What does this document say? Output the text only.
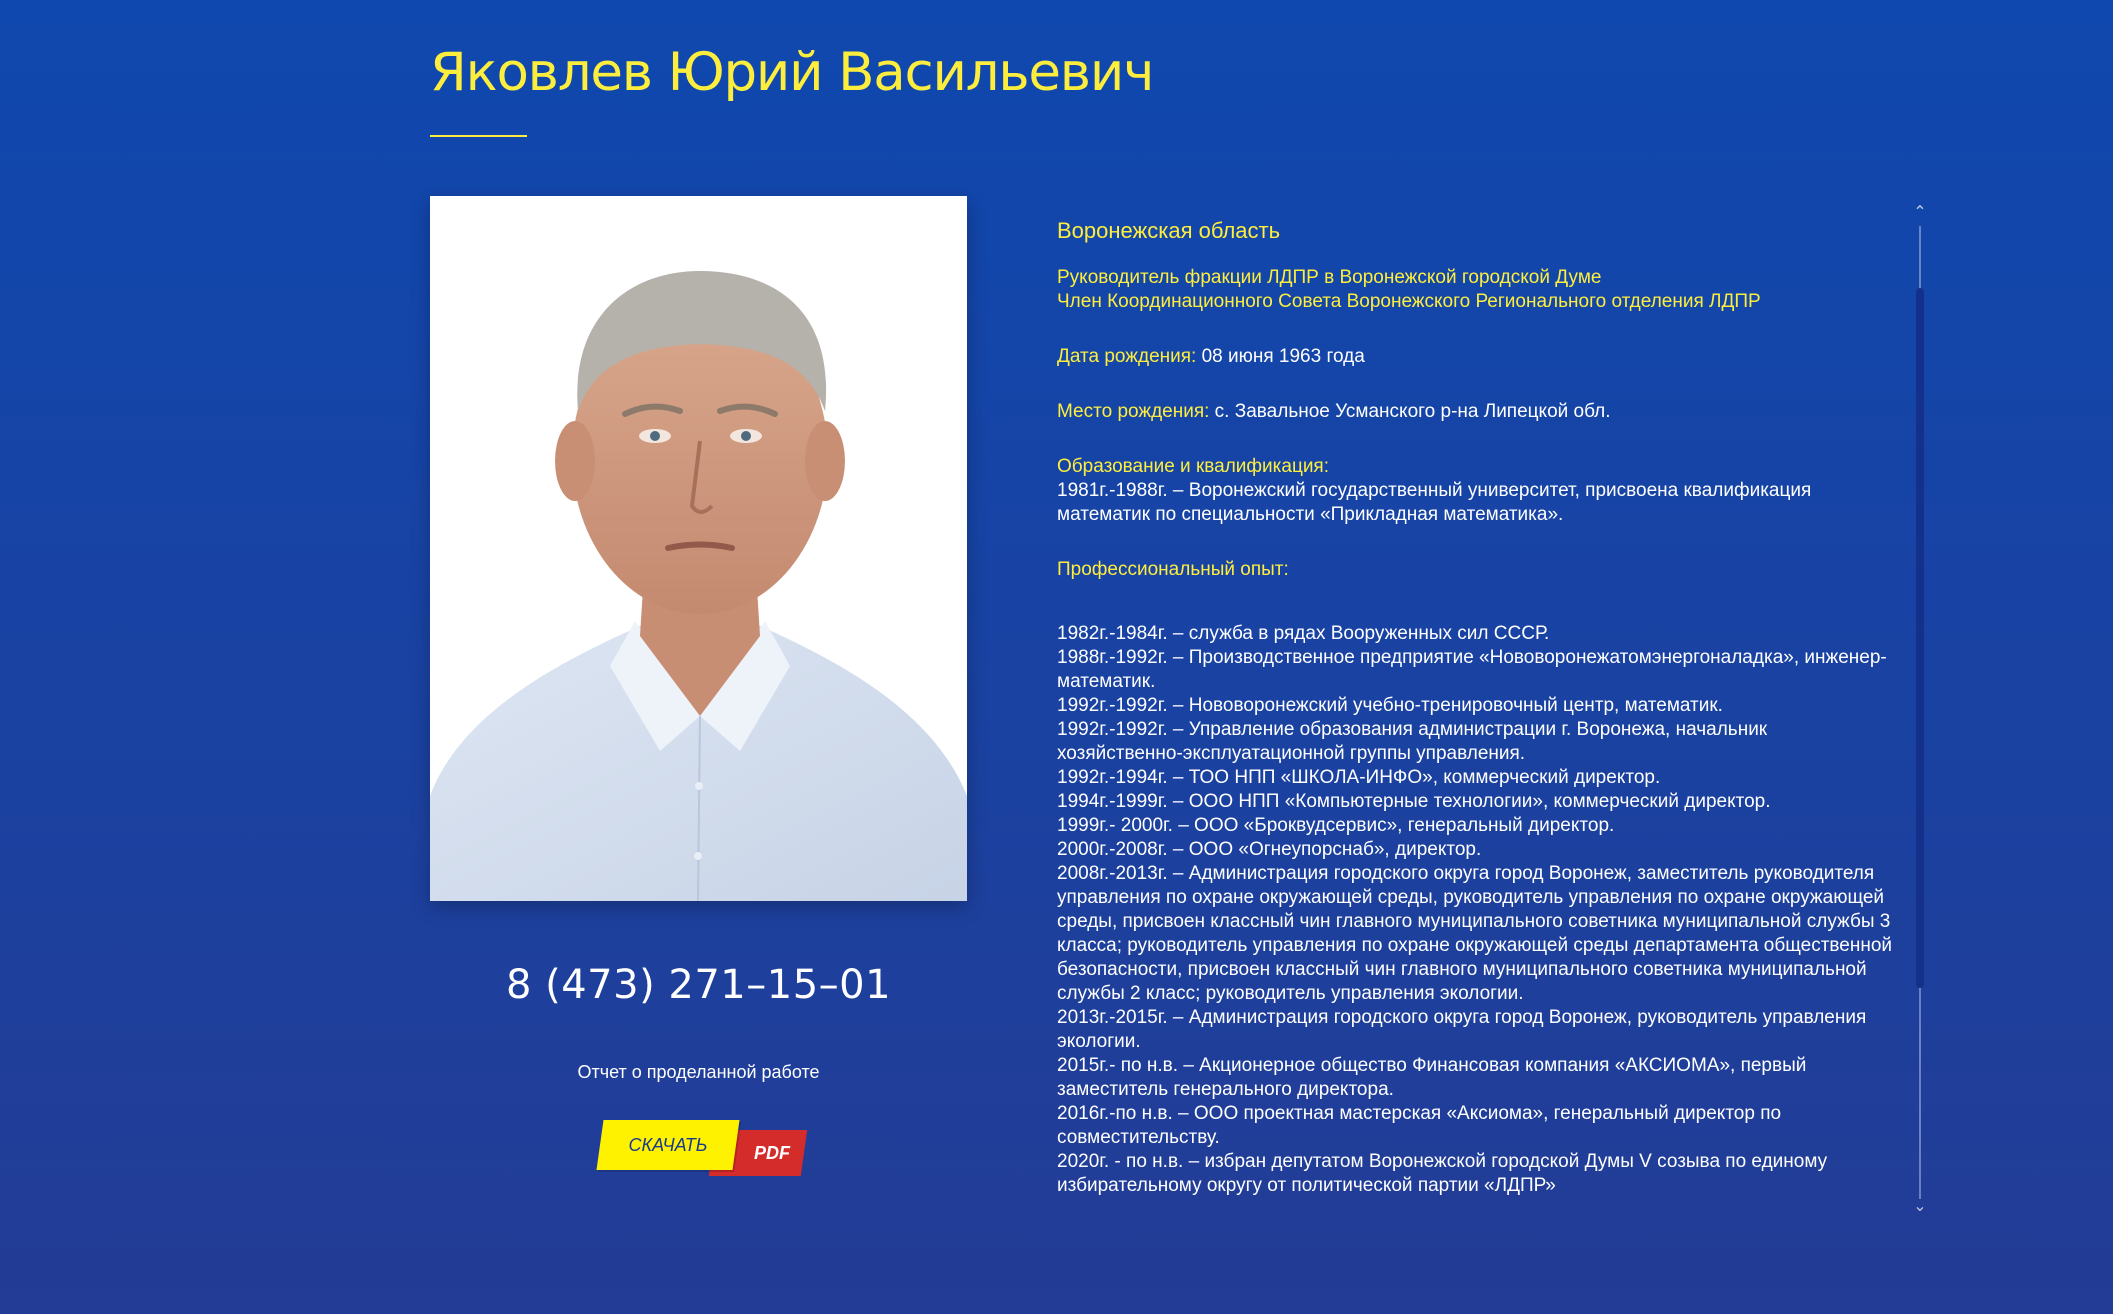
Яковлев Юрий Васильевич
8 (473) 271–15–01
Отчет о проделанной работе
PDF
СКАЧАТЬ

Воронежская область

Руководитель фракции ЛДПР в Воронежской городской Думе

Член Координационного Совета Воронежского Регионального отделения ЛДПР

Дата рождения: 08 июня 1963 года

Место рождения: с. Завальное Усманского р-на Липецкой обл.

Образование и квалификация:

1981г.-1988г. – Воронежский государственный университет, присвоена квалификация математик по специальности «Прикладная математика».

Профессиональный опыт:

1982г.-1984г. – служба в рядах Вооруженных сил СССР.

1988г.-1992г. – Производственное предприятие «Нововоронежатомэнергоналадка», инженер-математик.

1992г.-1992г. – Нововоронежский учебно-тренировочный центр, математик.

1992г.-1992г. – Управление образования администрации г. Воронежа, начальник хозяйственно-эксплуатационной группы управления.

1992г.-1994г. – ТОО НПП «ШКОЛА-ИНФО», коммерческий директор.

1994г.-1999г. – ООО НПП «Компьютерные технологии», коммерческий директор.

1999г.- 2000г. – ООО «Броквудсервис», генеральный директор.

2000г.-2008г. – ООО «Огнеупорснаб», директор.

2008г.-2013г. – Администрация городского округа город Воронеж, заместитель руководителя управления по охране окружающей среды, руководитель управления по охране окружающей среды, присвоен классный чин главного муниципального советника муниципальной службы 3 класса; руководитель управления по охране окружающей среды департамента общественной безопасности, присвоен классный чин главного муниципального советника муниципальной службы 2 класс; руководитель управления экологии.

2013г.-2015г. – Администрация городского округа город Воронеж, руководитель управления экологии.

2015г.- по н.в. – Акционерное общество Финансовая компания «АКСИОМА», первый заместитель генерального директора.

2016г.-по н.в. – ООО проектная мастерская «Аксиома», генеральный директор по совместительству.

2020г. - по н.в. – избран депутатом Воронежской городской Думы V созыва по единому избирательному округу от политической партии «ЛДПР»

⌃
⌄
